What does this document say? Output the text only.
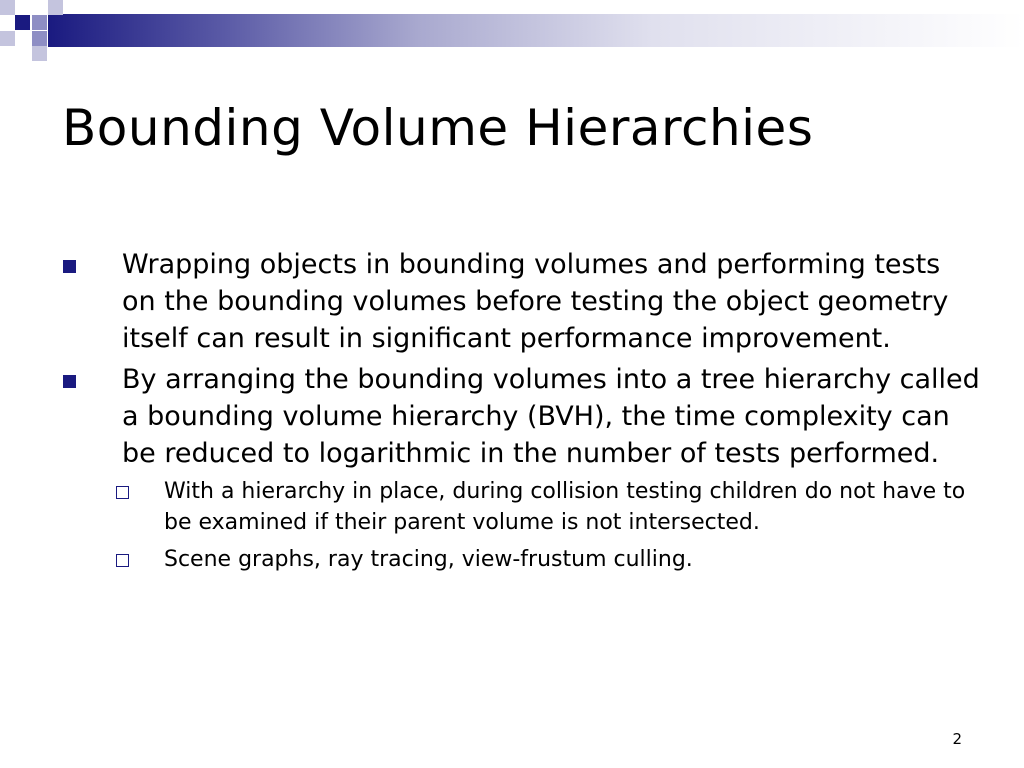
Bounding Volume Hierarchies
Wrapping objects in bounding volumes and performing tests on the bounding volumes before testing the object geometry itself can result in significant performance improvement.
By arranging the bounding volumes into a tree hierarchy called a bounding volume hierarchy (BVH), the time complexity can be reduced to logarithmic in the number of tests performed.
With a hierarchy in place, during collision testing children do not have to be examined if their parent volume is not intersected.
Scene graphs, ray tracing, view-frustum culling.
2
